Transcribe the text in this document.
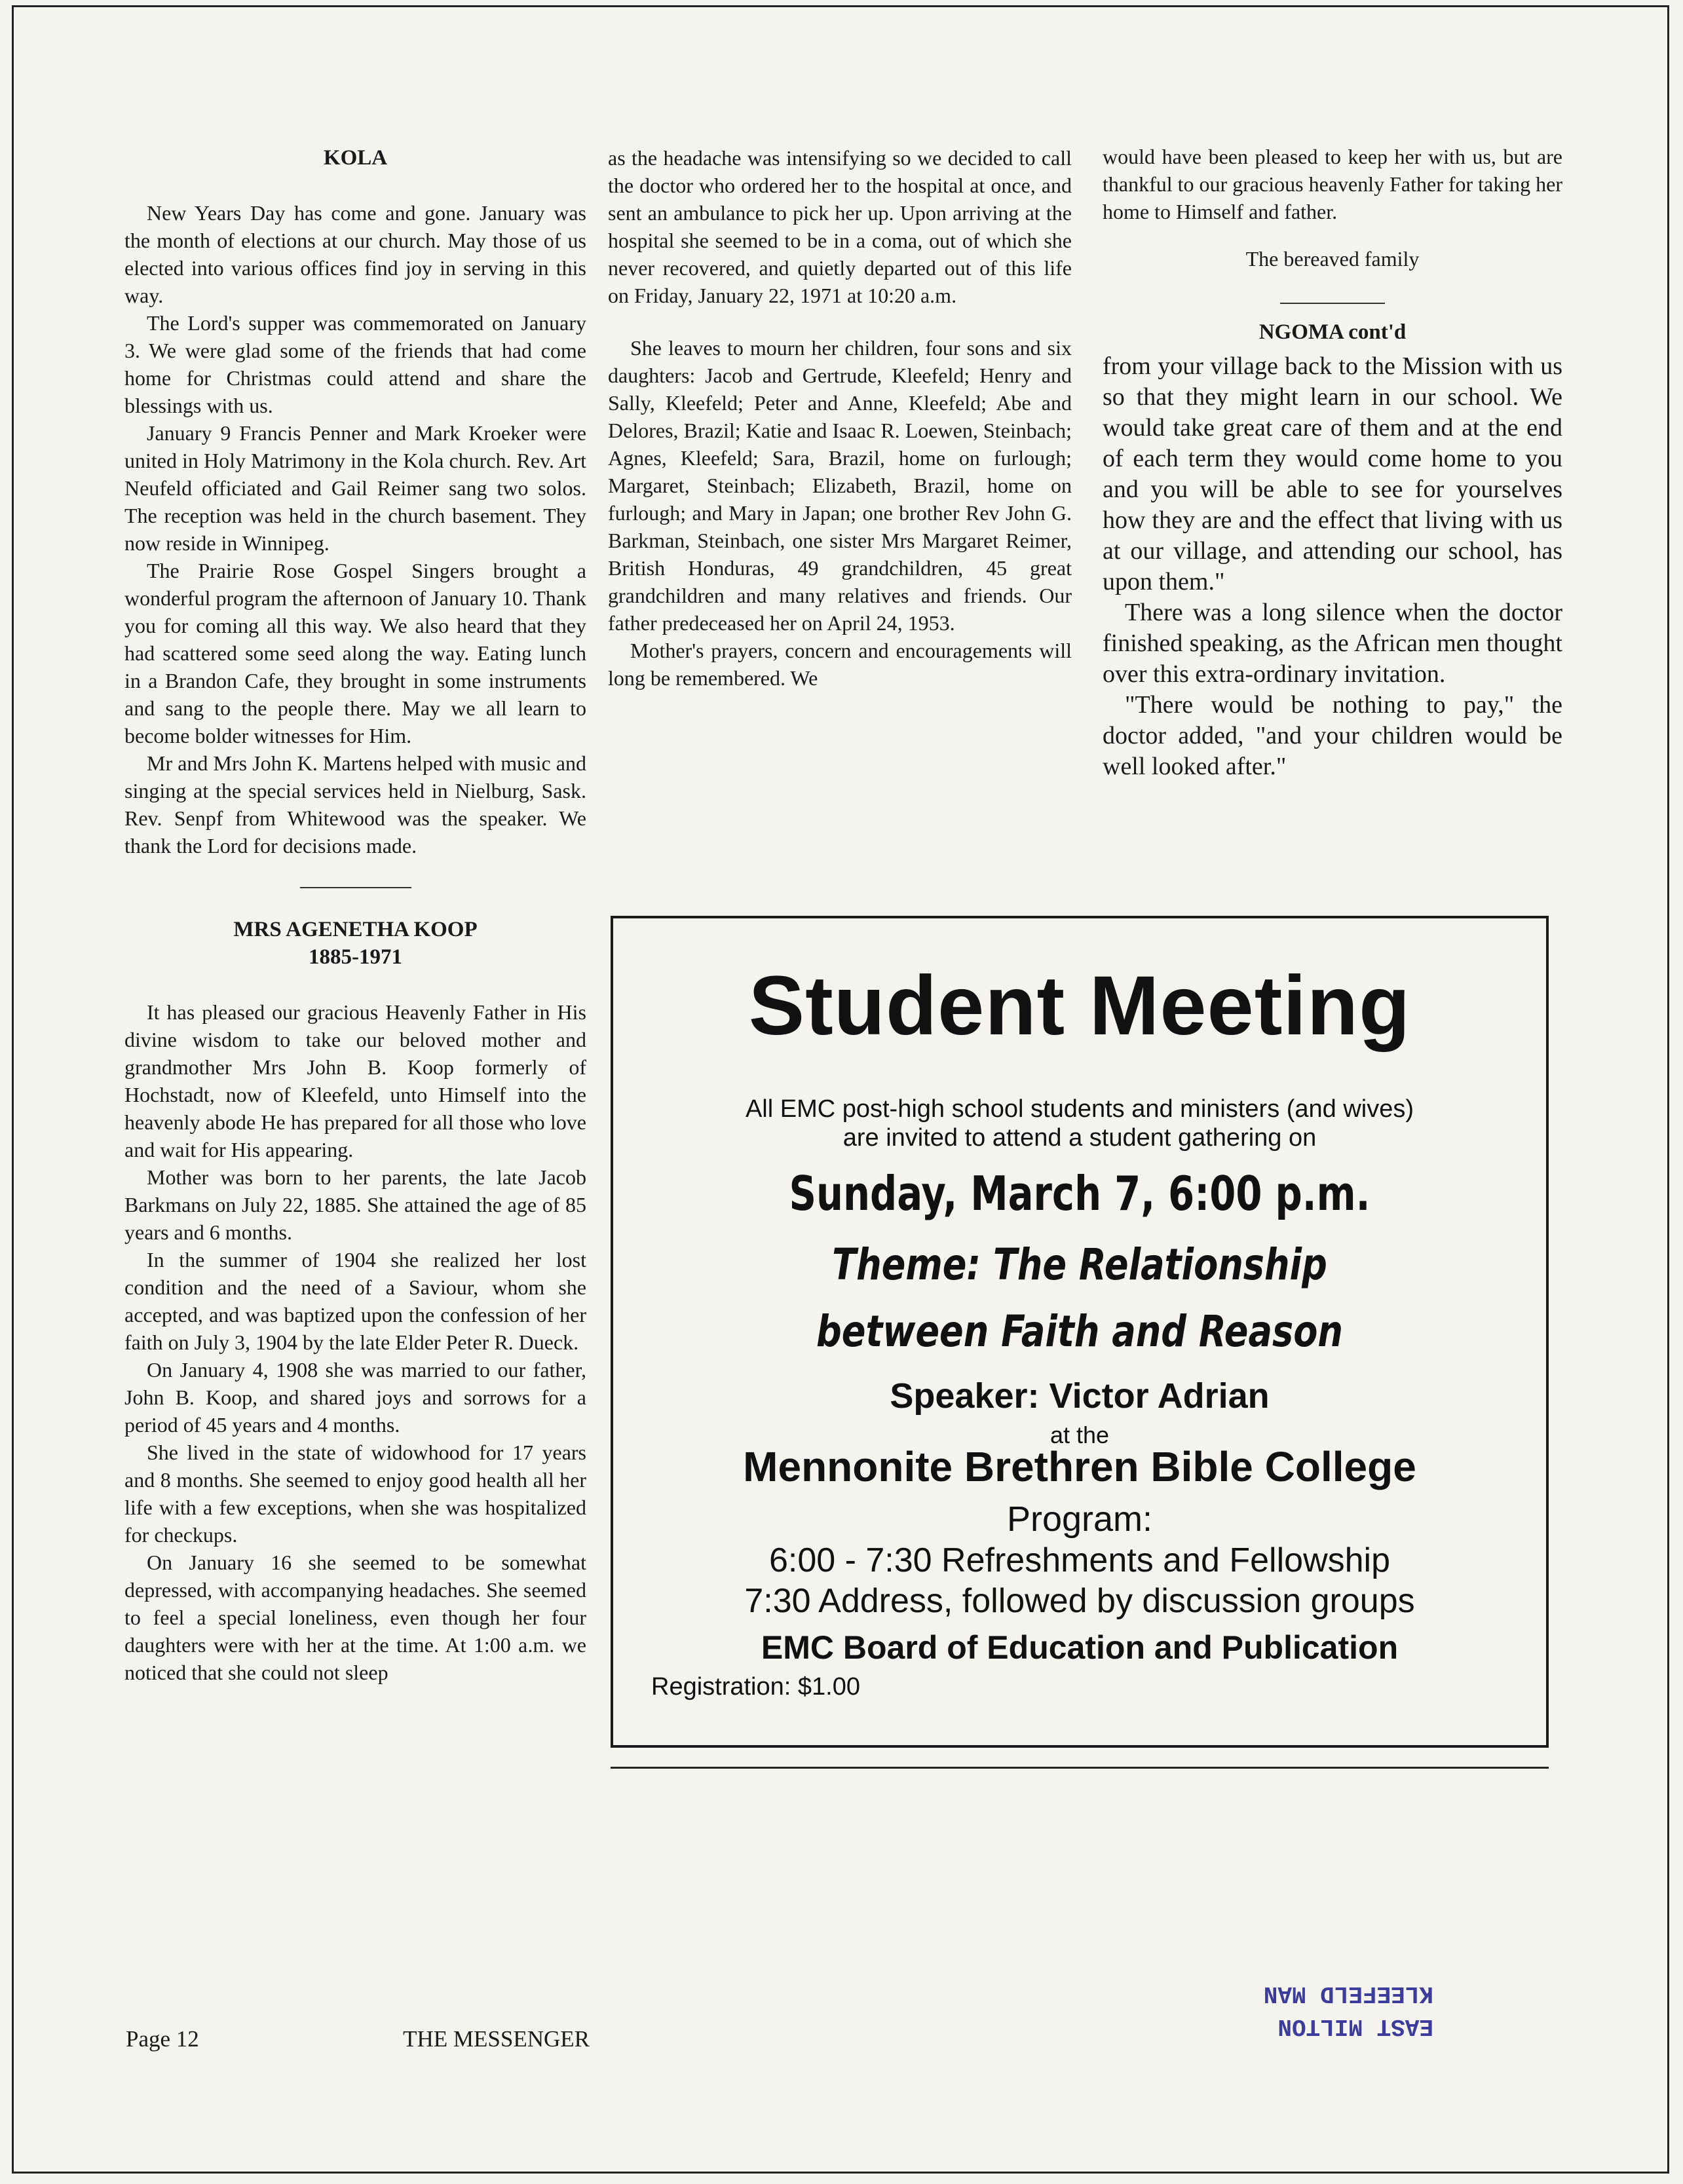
KOLA

New Years Day has come and gone. January was the month of elections at our church. May those of us elected into various offices find joy in serving in this way.

The Lord's supper was commemorated on January 3. We were glad some of the friends that had come home for Christmas could attend and share the blessings with us.

January 9 Francis Penner and Mark Kroeker were united in Holy Matrimony in the Kola church. Rev. Art Neufeld officiated and Gail Reimer sang two solos. The reception was held in the church basement. They now reside in Winnipeg.

The Prairie Rose Gospel Singers brought a wonderful program the afternoon of January 10. Thank you for coming all this way. We also heard that they had scattered some seed along the way. Eating lunch in a Brandon Cafe, they brought in some instruments and sang to the people there. May we all learn to become bolder witnesses for Him.

Mr and Mrs John K. Martens helped with music and singing at the special services held in Nielburg, Sask. Rev. Senpf from Whitewood was the speaker. We thank the Lord for decisions made.

MRS AGENETHA KOOP

1885-1971

It has pleased our gracious Heavenly Father in His divine wisdom to take our beloved mother and grandmother Mrs John B. Koop formerly of Hochstadt, now of Kleefeld, unto Himself into the heavenly abode He has prepared for all those who love and wait for His appearing.

Mother was born to her parents, the late Jacob Barkmans on July 22, 1885. She attained the age of 85 years and 6 months.

In the summer of 1904 she realized her lost condition and the need of a Saviour, whom she accepted, and was baptized upon the confession of her faith on July 3, 1904 by the late Elder Peter R. Dueck.

On January 4, 1908 she was married to our father, John B. Koop, and shared joys and sorrows for a period of 45 years and 4 months.

She lived in the state of widowhood for 17 years and 8 months. She seemed to enjoy good health all her life with a few exceptions, when she was hospitalized for checkups.

On January 16 she seemed to be somewhat depressed, with accompanying headaches. She seemed to feel a special loneliness, even though her four daughters were with her at the time. At 1:00 a.m. we noticed that she could not sleep

as the headache was intensifying so we decided to call the doctor who ordered her to the hospital at once, and sent an ambulance to pick her up. Upon arriving at the hospital she seemed to be in a coma, out of which she never recovered, and quietly departed out of this life on Friday, January 22, 1971 at 10:20 a.m.

She leaves to mourn her children, four sons and six daughters: Jacob and Gertrude, Kleefeld; Henry and Sally, Kleefeld; Peter and Anne, Kleefeld; Abe and Delores, Brazil; Katie and Isaac R. Loewen, Steinbach; Agnes, Kleefeld; Sara, Brazil, home on furlough; Margaret, Steinbach; Elizabeth, Brazil, home on furlough; and Mary in Japan; one brother Rev John G. Barkman, Steinbach, one sister Mrs Margaret Reimer, British Honduras, 49 grandchildren, 45 great grandchildren and many relatives and friends. Our father predeceased her on April 24, 1953.

Mother's prayers, concern and encouragements will long be remembered. We

would have been pleased to keep her with us, but are thankful to our gracious heavenly Father for taking her home to Himself and father.

The bereaved family

NGOMA cont'd

from your village back to the Mission with us so that they might learn in our school. We would take great care of them and at the end of each term they would come home to you and you will be able to see for yourselves how they are and the effect that living with us at our village, and attending our school, has upon them."

There was a long silence when the doctor finished speaking, as the African men thought over this extra-ordinary invitation.

"There would be nothing to pay," the doctor added, "and your children would be well looked after."

Student Meeting
All EMC post-high school students and ministers (and wives)
are invited to attend a student gathering on
Sunday, March 7, 6:00 p.m.
Theme: The Relationship
between Faith and Reason
Speaker: Victor Adrian
at the
Mennonite Brethren Bible College
Program:
6:00 - 7:30 Refreshments and Fellowship
7:30 Address, followed by discussion groups
EMC Board of Education and Publication
Registration: $1.00
Page 12	THE MESSENGER	EAST MILTON
KLEEFELD MAN
